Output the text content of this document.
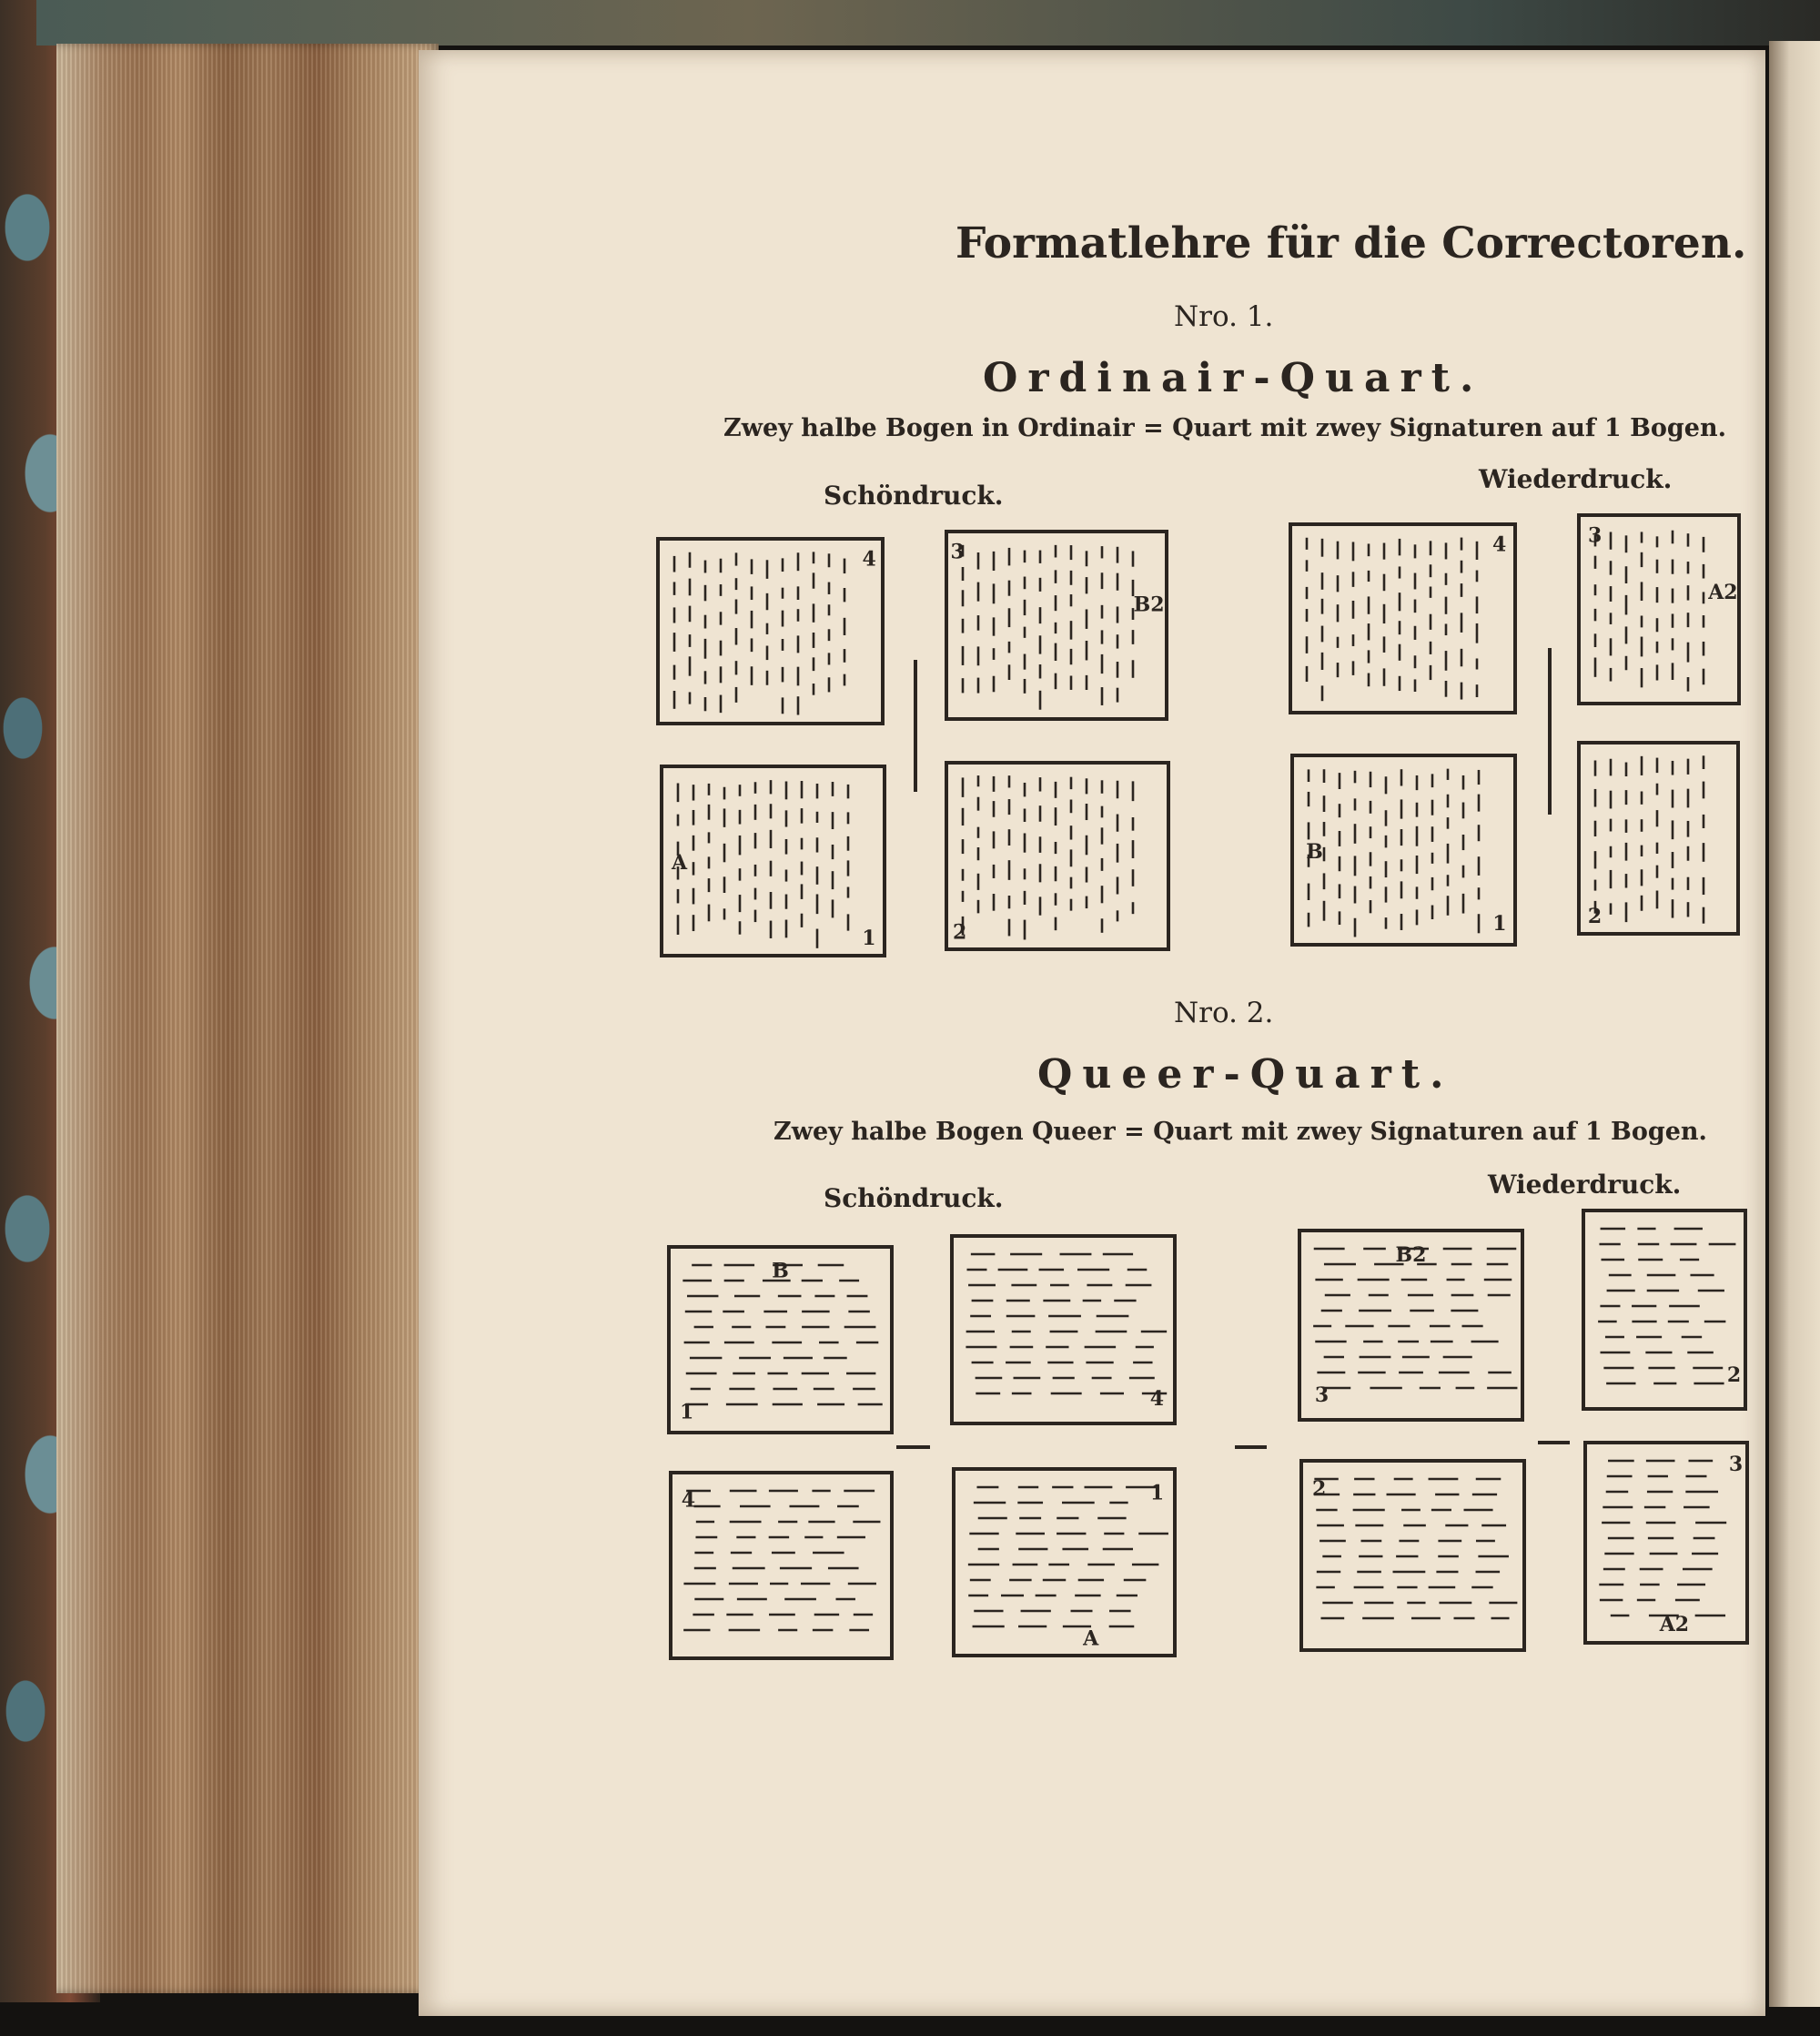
Formatlehre für die Correctoren.
Nro. 1.
Ordinair-Quart.
Zwey halbe Bogen in Ordinair = Quart mit zwey Signaturen auf 1 Bogen.
Schöndruck.
Wiederdruck.
Nro. 2.
Queer-Quart.
Zwey halbe Bogen Queer = Quart mit zwey Signaturen auf 1 Bogen.
Schöndruck.	Wiederdruck.
4	3
B2
A
1	2
B
1
4
4	1
A
4	3
A2
B
1	2
B2
3
2
2
3
A2
